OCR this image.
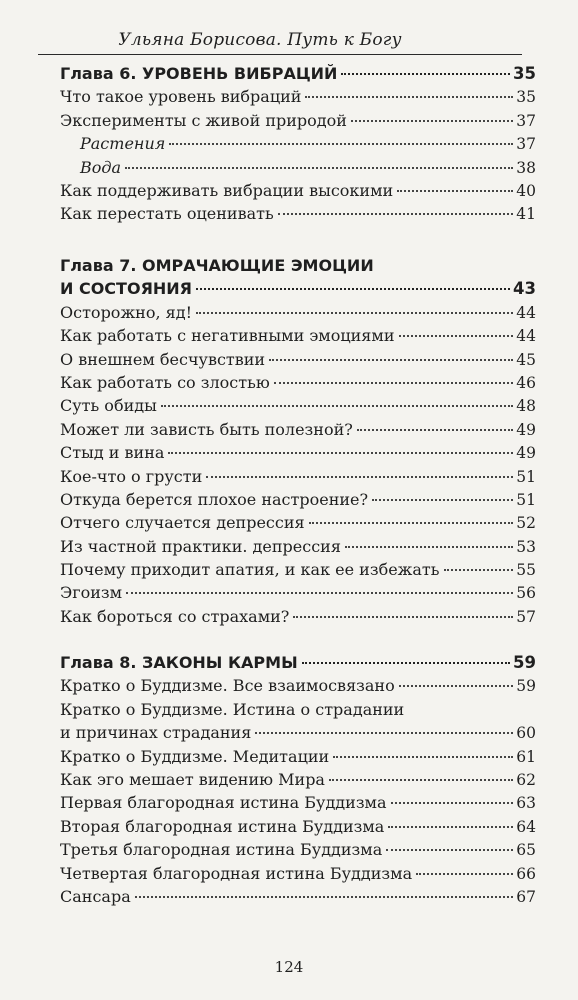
Ульяна Борисова. Путь к Богу
Глава 6. УРОВЕНЬ ВИБРАЦИЙ	35
Что такое уровень вибраций	35
Эксперименты с живой природой	37
Растения	37
Вода	38
Как поддерживать вибрации высокими	40
Как перестать оценивать	41
Глава 7. ОМРАЧАЮЩИЕ ЭМОЦИИ
И СОСТОЯНИЯ	43
Осторожно, яд!	44
Как работать с негативными эмоциями	44
О внешнем бесчувствии	45
Как работать со злостью	46
Суть обиды	48
Может ли зависть быть полезной?	49
Стыд и вина	49
Кое-что о грусти	51
Откуда берется плохое настроение?	51
Отчего случается депрессия	52
Из частной практики. депрессия	53
Почему приходит апатия, и как ее избежать	55
Эгоизм	56
Как бороться со страхами?	57
Глава 8. ЗАКОНЫ КАРМЫ	59
Кратко о Буддизме. Все взаимосвязано	59
Кратко о Буддизме. Истина о страдании
и причинах страдания	60
Кратко о Буддизме. Медитации	61
Как эго мешает видению Мира	62
Первая благородная истина Буддизма	63
Вторая благородная истина Буддизма	64
Третья благородная истина Буддизма	65
Четвертая благородная истина Буддизма	66
Сансара	67
124
